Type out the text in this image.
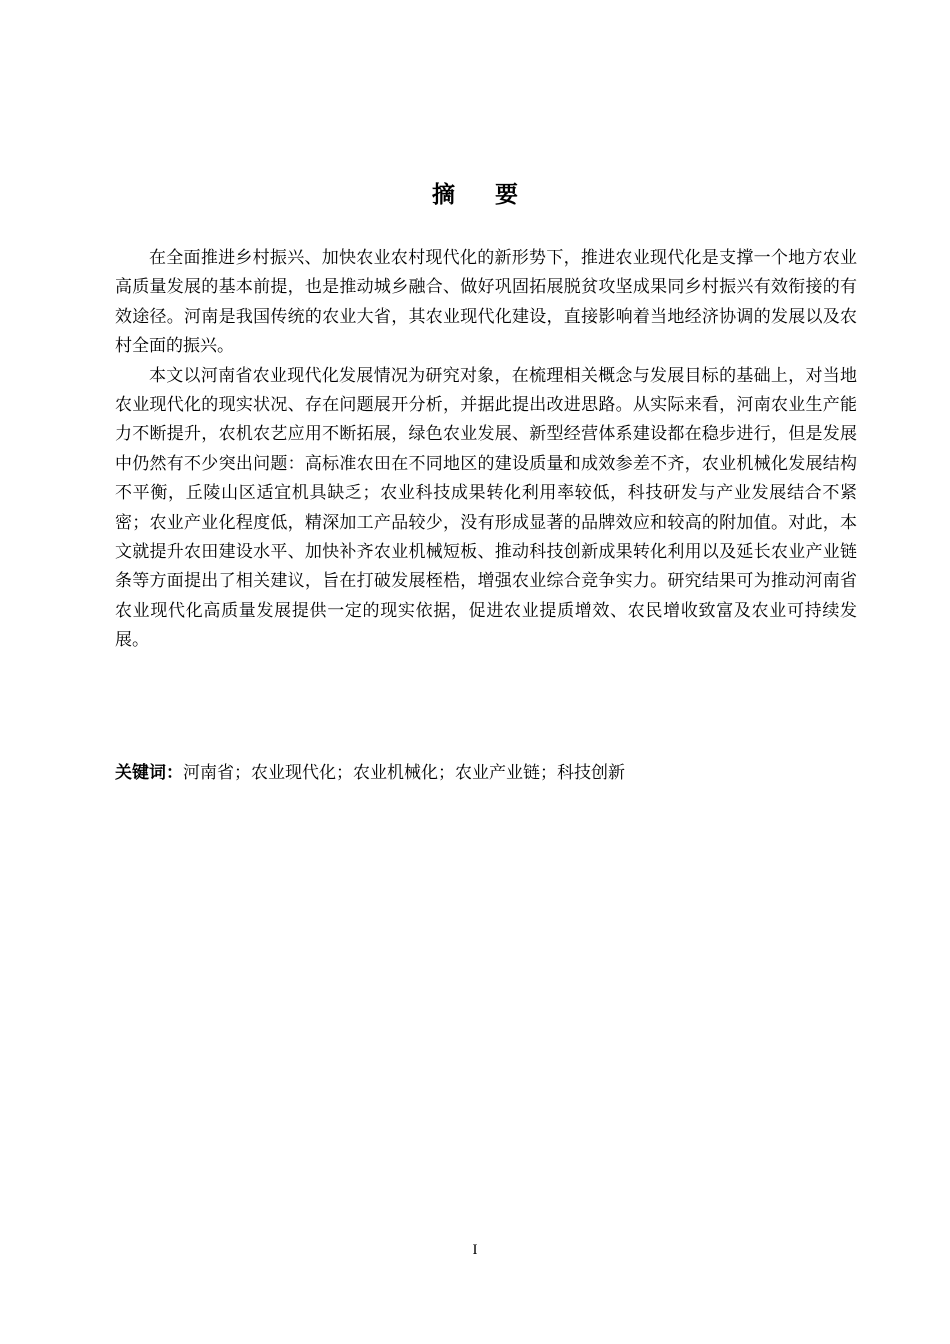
摘要

在全面推进乡村振兴、加快农业农村现代化的新形势下，推进农业现代化是支撑一个地方农业高质量发展的基本前提，也是推动城乡融合、做好巩固拓展脱贫攻坚成果同乡村振兴有效衔接的有效途径。河南是我国传统的农业大省，其农业现代化建设，直接影响着当地经济协调的发展以及农村全面的振兴。

本文以河南省农业现代化发展情况为研究对象，在梳理相关概念与发展目标的基础上，对当地农业现代化的现实状况、存在问题展开分析，并据此提出改进思路。从实际来看，河南农业生产能力不断提升，农机农艺应用不断拓展，绿色农业发展、新型经营体系建设都在稳步进行，但是发展中仍然有不少突出问题：高标准农田在不同地区的建设质量和成效参差不齐，农业机械化发展结构不平衡，丘陵山区适宜机具缺乏；农业科技成果转化利用率较低，科技研发与产业发展结合不紧密；农业产业化程度低，精深加工产品较少，没有形成显著的品牌效应和较高的附加值。对此，本文就提升农田建设水平、加快补齐农业机械短板、推动科技创新成果转化利用以及延长农业产业链条等方面提出了相关建议，旨在打破发展桎梏，增强农业综合竞争实力。研究结果可为推动河南省农业现代化高质量发展提供一定的现实依据，促进农业提质增效、农民增收致富及农业可持续发展。

关键词：河南省；农业现代化；农业机械化；农业产业链；科技创新

I
